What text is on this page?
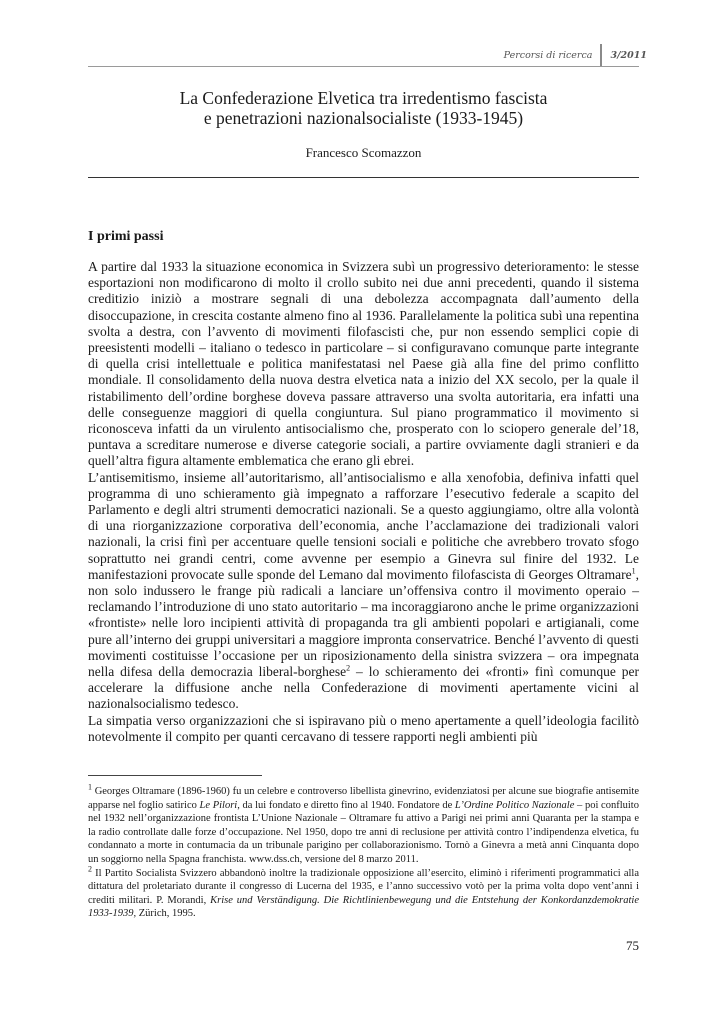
Percorsi di ricerca	3/2011
La Confederazione Elvetica tra irredentismo fascista
e penetrazioni nazionalsocialiste (1933-1945)
Francesco Scomazzon
I primi passi

A partire dal 1933 la situazione economica in Svizzera subì un progressivo deterioramento: le stesse esportazioni non modificarono di molto il crollo subito nei due anni precedenti, quando il sistema creditizio iniziò a mostrare segnali di una debolezza accompagnata dall’aumento della disoccupazione, in crescita costante almeno fino al 1936. Parallelamente la politica subì una repentina svolta a destra, con l’avvento di movimenti filofascisti che, pur non essendo semplici copie di preesistenti modelli – italiano o tedesco in particolare – si configuravano comunque parte integrante di quella crisi intellettuale e politica manifestatasi nel Paese già alla fine del primo conflitto mondiale. Il consolidamento della nuova destra elvetica nata a inizio del XX secolo, per la quale il ristabilimento dell’ordine borghese doveva passare attraverso una svolta autoritaria, era infatti una delle conseguenze maggiori di quella congiuntura. Sul piano programmatico il movimento si riconosceva infatti da un virulento antisocialismo che, prosperato con lo sciopero generale del’18, puntava a screditare numerose e diverse categorie sociali, a partire ovviamente dagli stranieri e da quell’altra figura altamente emblematica che erano gli ebrei.

L’antisemitismo, insieme all’autoritarismo, all’antisocialismo e alla xenofobia, definiva infatti quel programma di uno schieramento già impegnato a rafforzare l’esecutivo federale a scapito del Parlamento e degli altri strumenti democratici nazionali. Se a questo aggiungiamo, oltre alla volontà di una riorganizzazione corporativa dell’economia, anche l’acclamazione dei tradizionali valori nazionali, la crisi finì per accentuare quelle tensioni sociali e politiche che avrebbero trovato sfogo soprattutto nei grandi centri, come avvenne per esempio a Ginevra sul finire del 1932. Le manifestazioni provocate sulle sponde del Lemano dal movimento filofascista di Georges Oltramare$^1$, non solo indussero le frange più radicali a lanciare un’offensiva contro il movimento operaio – reclamando l’introduzione di uno stato autoritario – ma incoraggiarono anche le prime organizzazioni «frontiste» nelle loro incipienti attività di propaganda tra gli ambienti popolari e artigianali, come pure all’interno dei gruppi universitari a maggiore impronta conservatrice. Benché l’avvento di questi movimenti costituisse l’occasione per un riposizionamento della sinistra svizzera – ora impegnata nella difesa della democrazia liberal-borghese$^2$ – lo schieramento dei «fronti» finì comunque per accelerare la diffusione anche nella Confederazione di movimenti apertamente vicini al nazionalsocialismo tedesco.

La simpatia verso organizzazioni che si ispiravano più o meno apertamente a quell’ideologia facilitò notevolmente il compito per quanti cercavano di tessere rapporti negli ambienti più

$^1$ Georges Oltramare (1896-1960) fu un celebre e controverso libellista ginevrino, evidenziatosi per alcune sue biografie antisemite apparse nel foglio satirico Le Pilori, da lui fondato e diretto fino al 1940. Fondatore de L’Ordine Politico Nazionale – poi confluito nel 1932 nell’organizzazione frontista L’Unione Nazionale – Oltramare fu attivo a Parigi nei primi anni Quaranta per la stampa e la radio controllate dalle forze d’occupazione. Nel 1950, dopo tre anni di reclusione per attività contro l’indipendenza elvetica, fu condannato a morte in contumacia da un tribunale parigino per collaborazionismo. Tornò a Ginevra a metà anni Cinquanta dopo un soggiorno nella Spagna franchista. www.dss.ch, versione del 8 marzo 2011.

$^2$ Il Partito Socialista Svizzero abbandonò inoltre la tradizionale opposizione all’esercito, eliminò i riferimenti programmatici alla dittatura del proletariato durante il congresso di Lucerna del 1935, e l’anno successivo votò per la prima volta dopo vent’anni i crediti militari. P. Morandi, Krise und Verständigung. Die Richtlinienbewegung und die Entstehung der Konkordanzdemokratie 1933-1939, Zürich, 1995.

75
